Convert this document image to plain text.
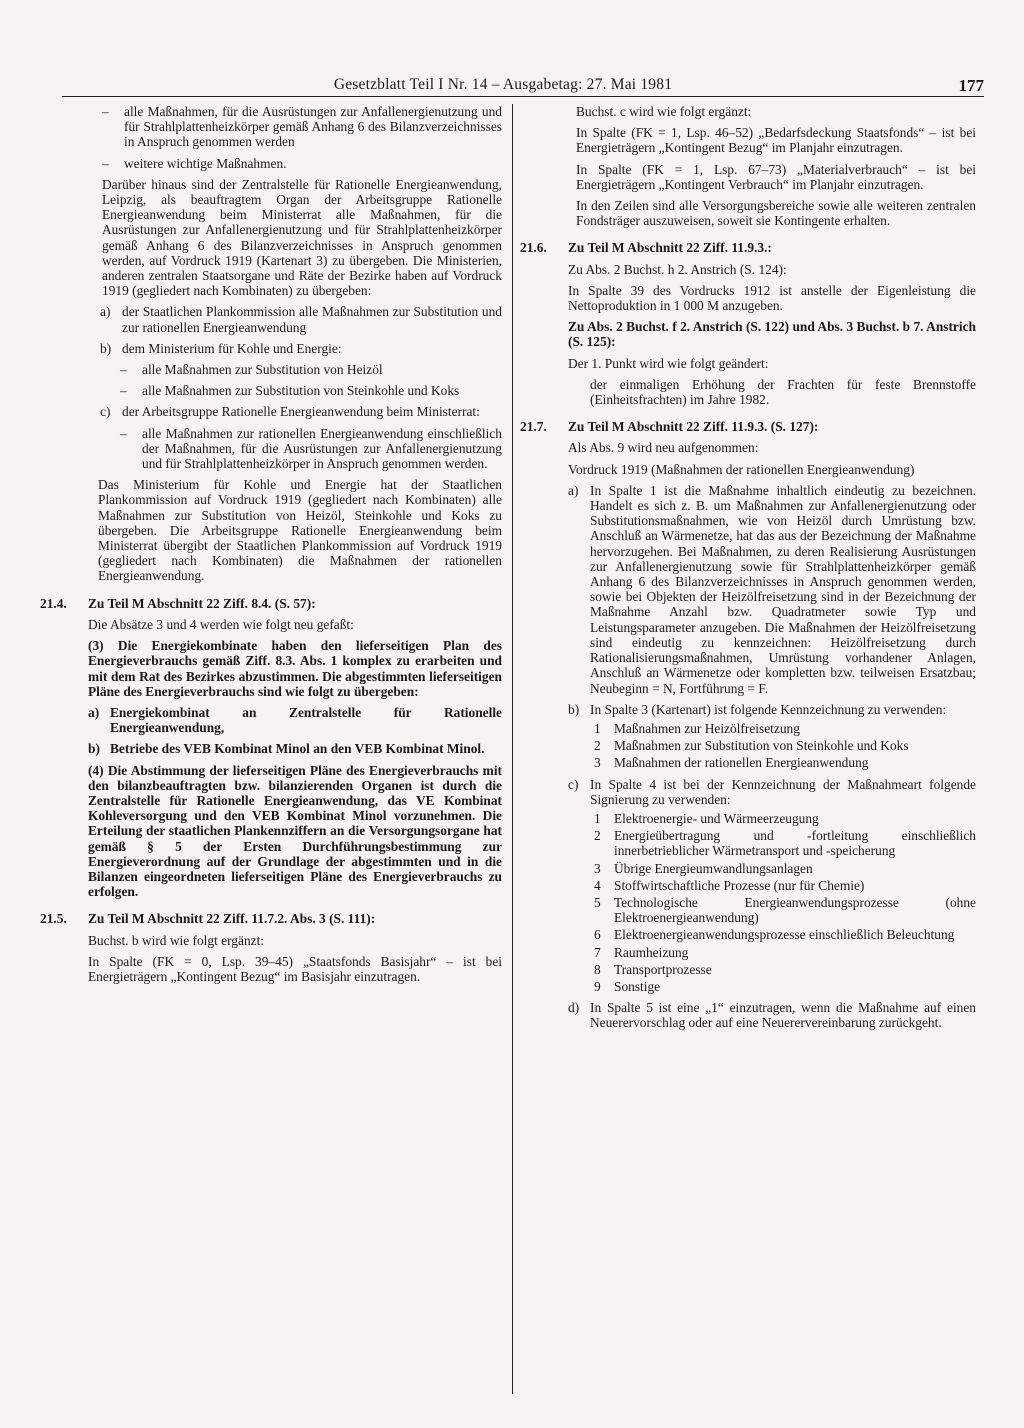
Gesetzblatt Teil I Nr. 14 – Ausgabetag: 27. Mai 1981	177
– alle Maßnahmen, für die Ausrüstungen zur Anfallenergienutzung und für Strahlplattenheizkörper gemäß Anhang 6 des Bilanzverzeichnisses in Anspruch genommen werden

– weitere wichtige Maßnahmen.

Darüber hinaus sind der Zentralstelle für Rationelle Energieanwendung, Leipzig, als beauftragtem Organ der Arbeitsgruppe Rationelle Energieanwendung beim Ministerrat alle Maßnahmen, für die Ausrüstungen zur Anfallenergienutzung und für Strahlplattenheizkörper gemäß Anhang 6 des Bilanzverzeichnisses in Anspruch genommen werden, auf Vordruck 1919 (Kartenart 3) zu übergeben. Die Ministerien, anderen zentralen Staatsorgane und Räte der Bezirke haben auf Vordruck 1919 (gegliedert nach Kombinaten) zu übergeben:

a) der Staatlichen Plankommission alle Maßnahmen zur Substitution und zur rationellen Energieanwendung

b) dem Ministerium für Kohle und Energie:

– alle Maßnahmen zur Substitution von Heizöl

– alle Maßnahmen zur Substitution von Steinkohle und Koks

c) der Arbeitsgruppe Rationelle Energieanwendung beim Ministerrat:

– alle Maßnahmen zur rationellen Energieanwendung einschließlich der Maßnahmen, für die Ausrüstungen zur Anfallenergienutzung und für Strahlplattenheizkörper in Anspruch genommen werden.

Das Ministerium für Kohle und Energie hat der Staatlichen Plankommission auf Vordruck 1919 (gegliedert nach Kombinaten) alle Maßnahmen zur Substitution von Heizöl, Steinkohle und Koks zu übergeben. Die Arbeitsgruppe Rationelle Energieanwendung beim Ministerrat übergibt der Staatlichen Plankommission auf Vordruck 1919 (gegliedert nach Kombinaten) die Maßnahmen der rationellen Energieanwendung.

21.4. Zu Teil M Abschnitt 22 Ziff. 8.4. (S. 57):

Die Absätze 3 und 4 werden wie folgt neu gefaßt:

(3) Die Energiekombinate haben den lieferseitigen Plan des Energieverbrauchs gemäß Ziff. 8.3. Abs. 1 komplex zu erarbeiten und mit dem Rat des Bezirkes abzustimmen. Die abgestimmten lieferseitigen Pläne des Energieverbrauchs sind wie folgt zu übergeben:

a) Energiekombinat an Zentralstelle für Rationelle Energieanwendung,

b) Betriebe des VEB Kombinat Minol an den VEB Kombinat Minol.

(4) Die Abstimmung der lieferseitigen Pläne des Energieverbrauchs mit den bilanzbeauftragten bzw. bilanzierenden Organen ist durch die Zentralstelle für Rationelle Energieanwendung, das VE Kombinat Kohleversorgung und den VEB Kombinat Minol vorzunehmen. Die Erteilung der staatlichen Plankennziffern an die Versorgungsorgane hat gemäß § 5 der Ersten Durchführungsbestimmung zur Energieverordnung auf der Grundlage der abgestimmten und in die Bilanzen eingeordneten lieferseitigen Pläne des Energieverbrauchs zu erfolgen.

21.5. Zu Teil M Abschnitt 22 Ziff. 11.7.2. Abs. 3 (S. 111):

Buchst. b wird wie folgt ergänzt:

In Spalte (FK = 0, Lsp. 39–45) „Staatsfonds Basisjahr“ – ist bei Energieträgern „Kontingent Bezug“ im Basisjahr einzutragen.

Buchst. c wird wie folgt ergänzt:

In Spalte (FK = 1, Lsp. 46–52) „Bedarfsdeckung Staatsfonds“ – ist bei Energieträgern „Kontingent Bezug“ im Planjahr einzutragen.

In Spalte (FK = 1, Lsp. 67–73) „Materialverbrauch“ – ist bei Energieträgern „Kontingent Verbrauch“ im Planjahr einzutragen.

In den Zeilen sind alle Versorgungsbereiche sowie alle weiteren zentralen Fondsträger auszuweisen, soweit sie Kontingente erhalten.

21.6. Zu Teil M Abschnitt 22 Ziff. 11.9.3.:

Zu Abs. 2 Buchst. h 2. Anstrich (S. 124):

In Spalte 39 des Vordrucks 1912 ist anstelle der Eigenleistung die Nettoproduktion in 1 000 M anzugeben.

Zu Abs. 2 Buchst. f 2. Anstrich (S. 122) und Abs. 3 Buchst. b 7. Anstrich (S. 125):

Der 1. Punkt wird wie folgt geändert:

der einmaligen Erhöhung der Frachten für feste Brennstoffe (Einheitsfrachten) im Jahre 1982.

21.7. Zu Teil M Abschnitt 22 Ziff. 11.9.3. (S. 127):

Als Abs. 9 wird neu aufgenommen:

Vordruck 1919 (Maßnahmen der rationellen Energieanwendung)

a) In Spalte 1 ist die Maßnahme inhaltlich eindeutig zu bezeichnen. Handelt es sich z. B. um Maßnahmen zur Anfallenergienutzung oder Substitutionsmaßnahmen, wie von Heizöl durch Umrüstung bzw. Anschluß an Wärmenetze, hat das aus der Bezeichnung der Maßnahme hervorzugehen. Bei Maßnahmen, zu deren Realisierung Ausrüstungen zur Anfallenergienutzung sowie für Strahlplattenheizkörper gemäß Anhang 6 des Bilanzverzeichnisses in Anspruch genommen werden, sowie bei Objekten der Heizölfreisetzung sind in der Bezeichnung der Maßnahme Anzahl bzw. Quadratmeter sowie Typ und Leistungsparameter anzugeben. Die Maßnahmen der Heizölfreisetzung sind eindeutig zu kennzeichnen: Heizölfreisetzung durch Rationalisierungsmaßnahmen, Umrüstung vorhandener Anlagen, Anschluß an Wärmenetze oder kompletten bzw. teilweisen Ersatzbau; Neubeginn = N, Fortführung = F.

b) In Spalte 3 (Kartenart) ist folgende Kennzeichnung zu verwenden:

1 Maßnahmen zur Heizölfreisetzung

2 Maßnahmen zur Substitution von Steinkohle und Koks

3 Maßnahmen der rationellen Energieanwendung

c) In Spalte 4 ist bei der Kennzeichnung der Maßnahmeart folgende Signierung zu verwenden:

1 Elektroenergie- und Wärmeerzeugung

2 Energieübertragung und -fortleitung einschließlich innerbetrieblicher Wärmetransport und -speicherung

3 Übrige Energieumwandlungsanlagen

4 Stoffwirtschaftliche Prozesse (nur für Chemie)

5 Technologische Energieanwendungsprozesse (ohne Elektroenergieanwendung)

6 Elektroenergieanwendungsprozesse einschließlich Beleuchtung

7 Raumheizung

8 Transportprozesse

9 Sonstige

d) In Spalte 5 ist eine „1“ einzutragen, wenn die Maßnahme auf einen Neuerervorschlag oder auf eine Neuerervereinbarung zurückgeht.
